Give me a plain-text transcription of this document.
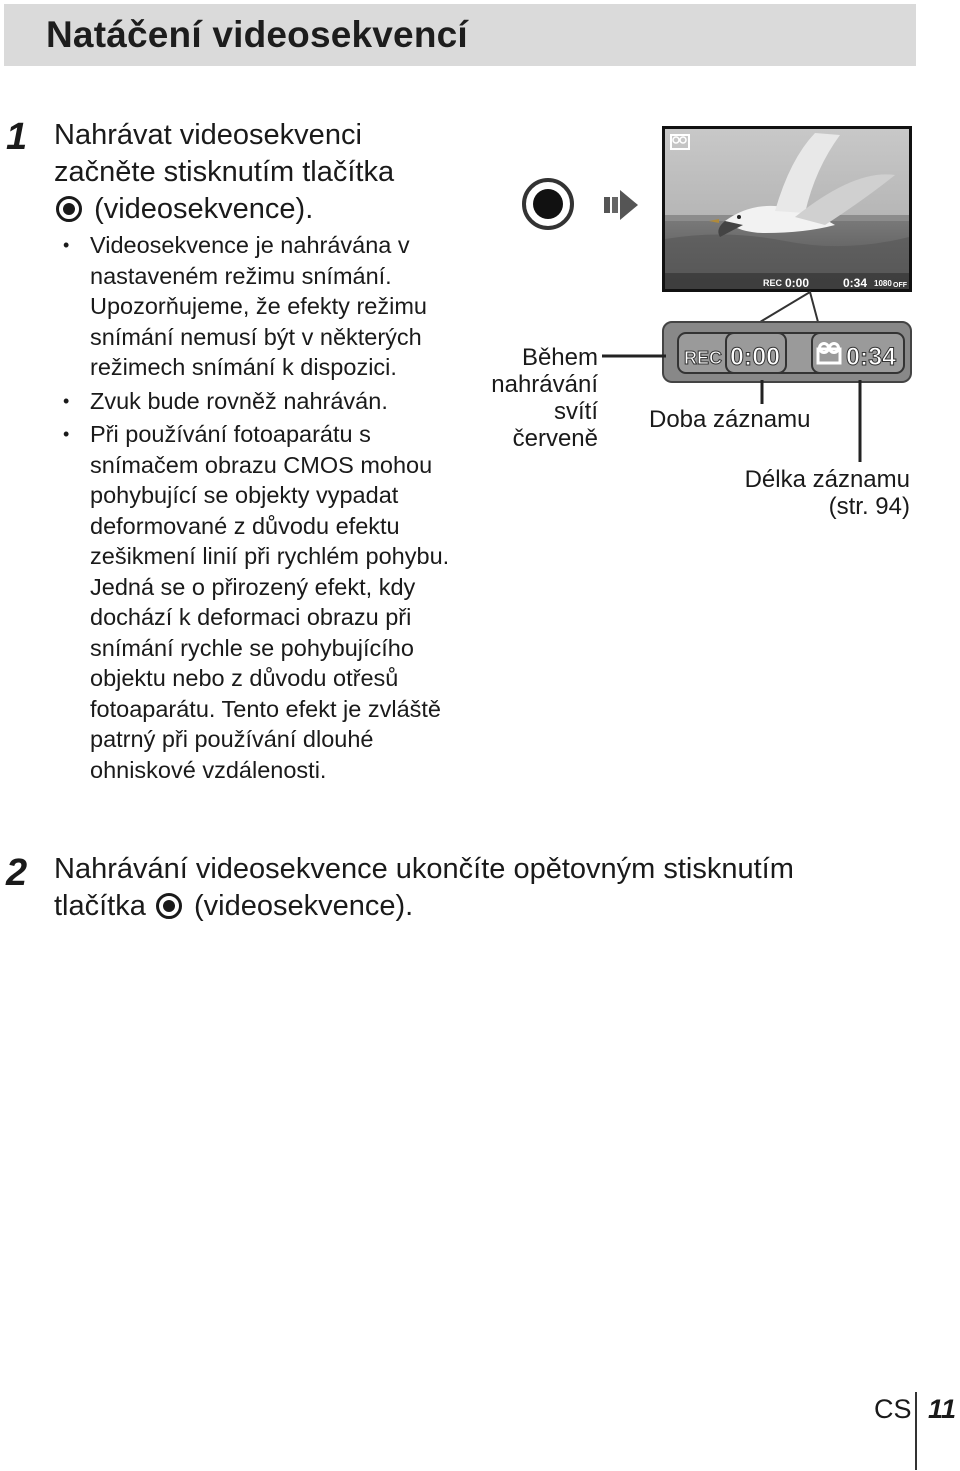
Natáčení videosekvencí
1 Nahrávat videosekvenci
začněte stisknutím tlačítka
(videosekvence).
• Videosekvence je nahrávána v nastaveném režimu snímání. Upozorňujeme, že efekty režimu snímání nemusí být v některých režimech snímání k dispozici.
• Zvuk bude rovněž nahráván.
• Při používání fotoaparátu s snímačem obrazu CMOS mohou pohybující se objekty vypadat deformované z důvodu efektu zešikmení linií při rychlém pohybu. Jedná se o přirozený efekt, kdy dochází k deformaci obrazu při snímání rychle se pohybujícího objektu nebo z důvodu otřesů fotoaparátu. Tento efekt je zvláště patrný při používání dlouhé ohniskové vzdálenosti.
Během
nahrávání
svítí
červeně
REC 0:00	0:34 1080 OFF
REC 0:00	0:34
Doba záznamu
Délka záznamu
(str. 94)
2 Nahrávání videosekvence ukončíte opětovným stisknutím
tlačítka (videosekvence).
CS 11
